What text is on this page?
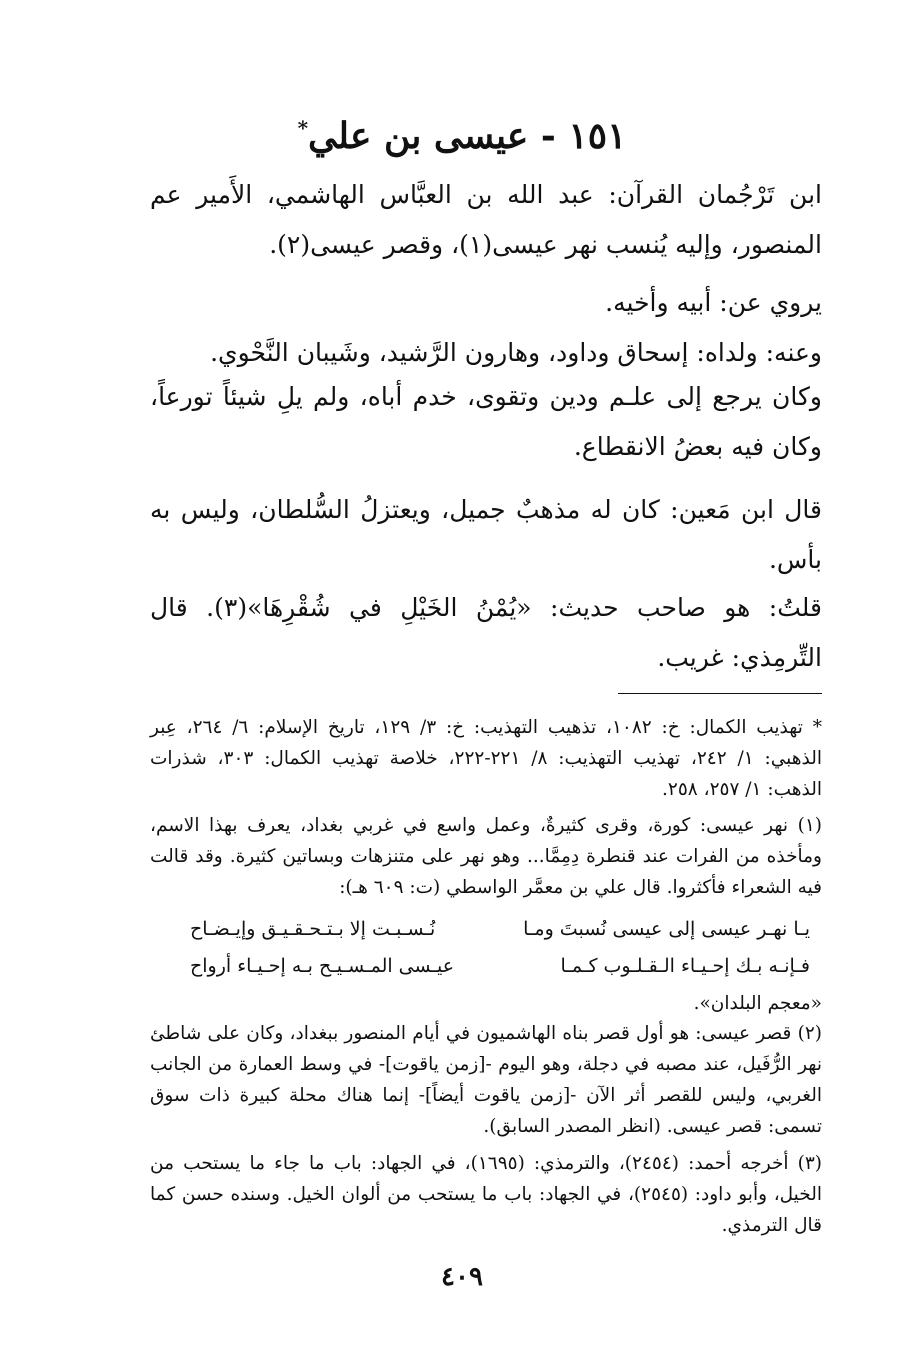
١٥١ - عيسى بن علي*

ابن تَرْجُمان القرآن: عبد الله بن العبَّاس الهاشمي، الأَمير عم المنصور، وإليه يُنسب نهر عيسى(١)، وقصر عيسى(٢).

يروي عن: أبيه وأخيه.

وعنه: ولداه: إسحاق وداود، وهارون الرَّشيد، وشَيبان النَّحْوي.

وكان يرجع إلى علـم ودين وتقوى، خدم أباه، ولم يلِ شيئاً تورعاً، وكان فيه بعضُ الانقطاع.

قال ابن مَعين: كان له مذهبٌ جميل، ويعتزلُ السُّلطان، وليس به بأس.

قلتُ: هو صاحب حديث: «يُمْنُ الخَيْلِ في شُقْرِهَا»(٣). قال التِّرمِذي: غريب.

* تهذيب الكمال: خ: ١٠٨٢، تذهيب التهذيب: خ: ٣/ ١٢٩، تاريخ الإسلام: ٦/ ٢٦٤، عِبر الذهبي: ١/ ٢٤٢، تهذيب التهذيب: ٨/ ٢٢١-٢٢٢، خلاصة تهذيب الكمال: ٣٠٣، شذرات الذهب: ١/ ٢٥٧، ٢٥٨.

(١) نهر عيسى: كورة، وقرى كثيرةٌ، وعمل واسع في غربي بغداد، يعرف بهذا الاسم، ومأخذه من الفرات عند قنطرة دِمِمَّا... وهو نهر على متنزهات وبساتين كثيرة. وقد قالت فيه الشعراء فأكثروا. قال علي بن معمَّر الواسطي (ت: ٦٠٩ هـ):

يـا نهـر عيسى إلى عيسى نُسبتَ ومـا
نُـسـبـت إلا بـتـحـقـيـق وإيـضـاح
فـإنـه بـك إحـيـاء الـقـلـوب كـمـا
عيـسى المـسـيـح بـه إحـيـاء أرواح

«معجم البلدان».

(٢) قصر عيسى: هو أول قصر بناه الهاشميون في أيام المنصور ببغداد، وكان على شاطئ نهر الرُّفَيل، عند مصبه في دجلة، وهو اليوم -[زمن ياقوت]- في وسط العمارة من الجانب الغربي، وليس للقصر أثر الآن -[زمن ياقوت أيضاً]- إنما هناك محلة كبيرة ذات سوق تسمى: قصر عيسى. (انظر المصدر السابق).

(٣) أخرجه أحمد: (٢٤٥٤)، والترمذي: (١٦٩٥)، في الجهاد: باب ما جاء ما يستحب من الخيل، وأبو داود: (٢٥٤٥)، في الجهاد: باب ما يستحب من ألوان الخيل. وسنده حسن كما قال الترمذي.

٤٠٩
